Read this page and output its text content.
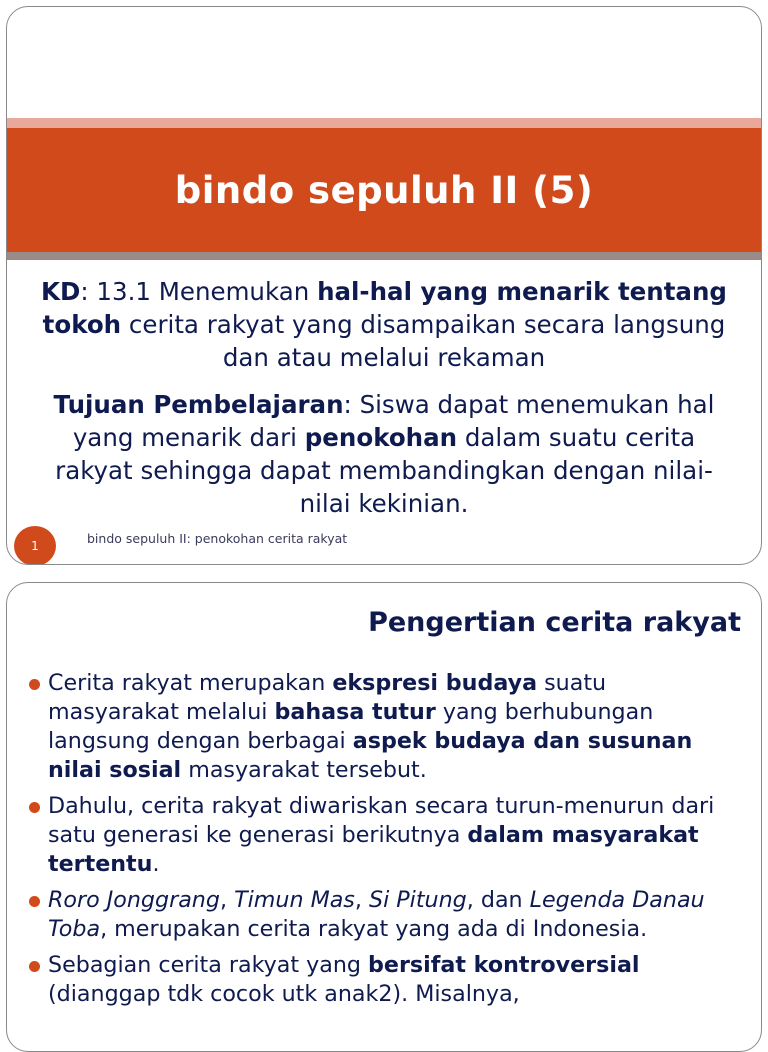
bindo sepuluh II (5)

KD: 13.1 Menemukan hal-hal yang menarik tentang tokoh cerita rakyat yang disampaikan secara langsung dan atau melalui rekaman

Tujuan Pembelajaran: Siswa dapat menemukan hal yang menarik dari penokohan dalam suatu cerita rakyat sehingga dapat membandingkan dengan nilai-nilai kekinian.

1	bindo sepuluh II: penokohan cerita rakyat
Pengertian cerita rakyat
Cerita rakyat merupakan ekspresi budaya suatu masyarakat melalui bahasa tutur yang berhubungan langsung dengan berbagai aspek budaya dan susunan nilai sosial masyarakat tersebut.
Dahulu, cerita rakyat diwariskan secara turun-menurun dari satu generasi ke generasi berikutnya dalam masyarakat tertentu.
Roro Jonggrang, Timun Mas, Si Pitung, dan Legenda Danau Toba, merupakan cerita rakyat yang ada di Indonesia.
Sebagian cerita rakyat yang bersifat kontroversial (dianggap tdk cocok utk anak2). Misalnya,
